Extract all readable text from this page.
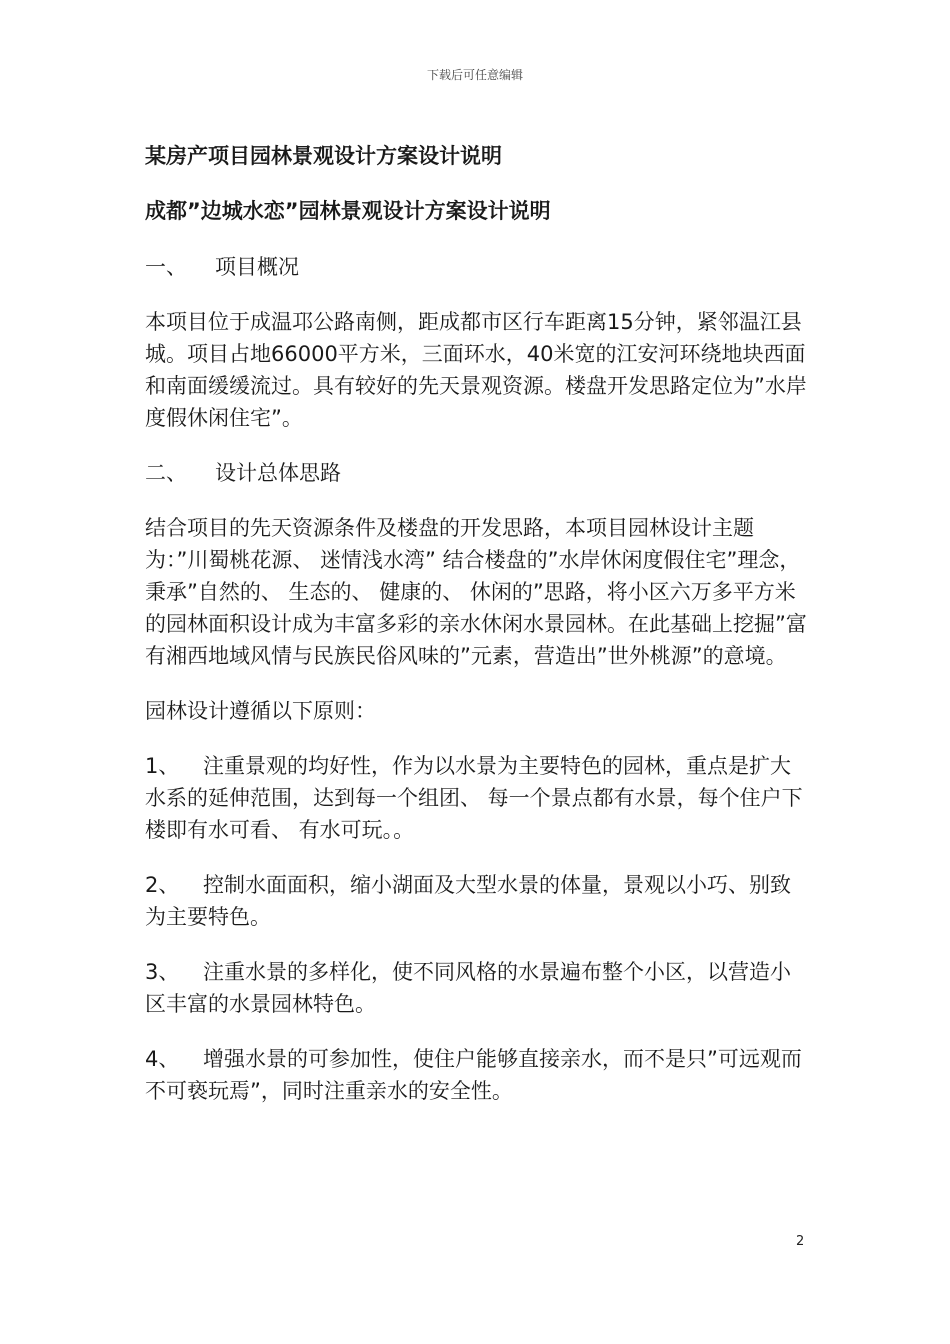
下载后可任意编辑
某房产项目园林景观设计方案设计说明
成都”边城水恋”园林景观设计方案设计说明
一、 项目概况
本项目位于成温邛公路南侧，距成都市区行车距离15分钟，紧邻温江县城。项目占地66000平方米，三面环水，40米宽的江安河环绕地块西面和南面缓缓流过。具有较好的先天景观资源。楼盘开发思路定位为”水岸度假休闲住宅”。
二、 设计总体思路
结合项目的先天资源条件及楼盘的开发思路，本项目园林设计主题为：”川蜀桃花源、 迷情浅水湾” 结合楼盘的”水岸休闲度假住宅”理念，秉承”自然的、 生态的、 健康的、 休闲的”思路，将小区六万多平方米的园林面积设计成为丰富多彩的亲水休闲水景园林。在此基础上挖掘”富有湘西地域风情与民族民俗风味的”元素，营造出”世外桃源”的意境。
园林设计遵循以下原则：
1、 注重景观的均好性，作为以水景为主要特色的园林，重点是扩大水系的延伸范围，达到每一个组团、 每一个景点都有水景，每个住户下楼即有水可看、 有水可玩。。
2、 控制水面面积，缩小湖面及大型水景的体量，景观以小巧、别致为主要特色。
3、 注重水景的多样化，使不同风格的水景遍布整个小区，以营造小区丰富的水景园林特色。
4、 增强水景的可参加性，使住户能够直接亲水，而不是只”可远观而不可亵玩焉”，同时注重亲水的安全性。
2
